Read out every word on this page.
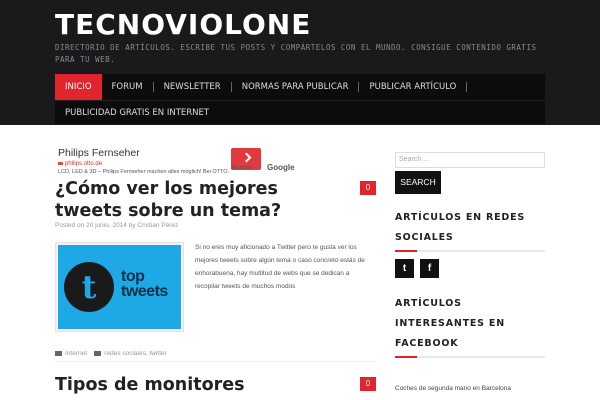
TECNOVIOLONE
DIRECTORIO DE ARTÍCULOS. ESCRIBE TUS POSTS Y COMPÁRTELOS CON EL MUNDO. CONSIGUE CONTENIDO GRATIS PARA TU WEB.
INICIO	FORUM	NEWSLETTER	NORMAS PARA PUBLICAR	PUBLICAR ARTÍCULO
PUBLICIDAD GRATIS EN INTERNET
Philips Fernseher
philips.otto.de
LCD, LED & 3D – Philips Fernseher machen alles möglich! Bei OTTO.
Anuncios Google
¿Cómo ver los mejores tweets sobre un tema?
0
Posted on 20 junio, 2014 by Cristian Pérez
t	top
tweets
Si no eres muy aficionado a Twitter pero te gusta ver los mejores tweets sobre algún tema o caso concreto estás de enhorabuena, hay multitud de webs que se dedican a recopilar tweets de muchos modos
Internet	redes sociales, twitter
Tipos de monitores	0
Search ...
SEARCH
ARTÍCULOS EN REDES SOCIALES
t	f
ARTÍCULOS INTERESANTES EN FACEBOOK
Coches de segunda mano en Barcelona
